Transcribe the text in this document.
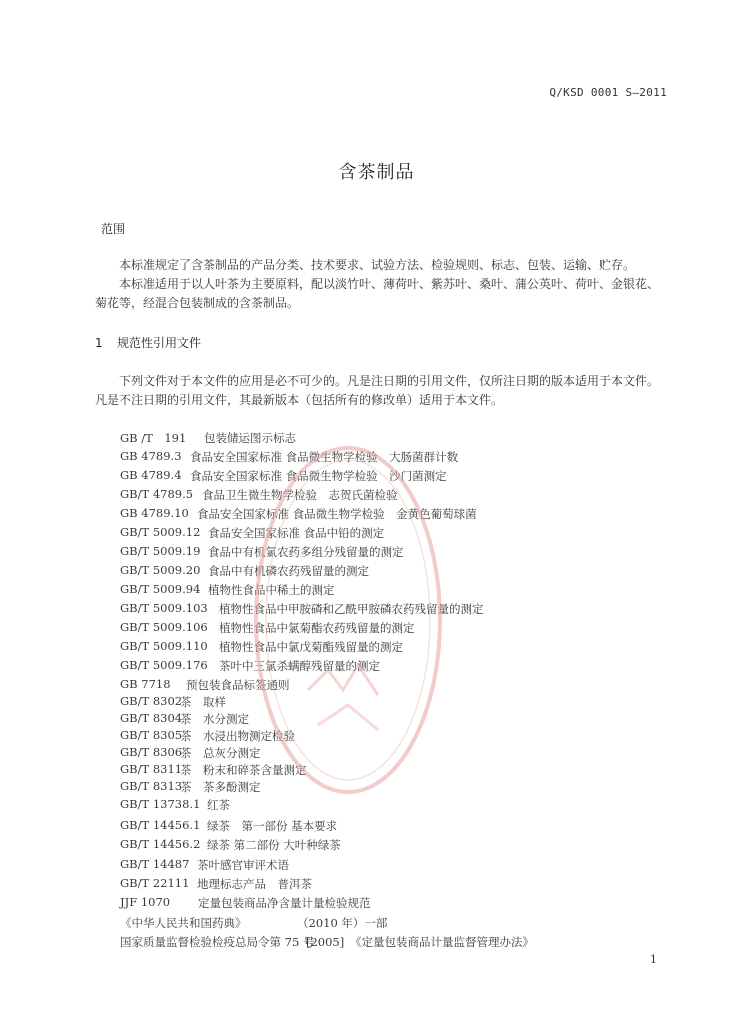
Q/KSD 0001 S—2011
含茶制品
范围

本标准规定了含茶制品的产品分类、技术要求、试验方法、检验规则、标志、包装、运输、贮存。

本标准适用于以人叶茶为主要原料，配以淡竹叶、薄荷叶、紫苏叶、桑叶、蒲公英叶、荷叶、金银花、菊花等，经混合包装制成的含茶制品。

1 规范性引用文件

下列文件对于本文件的应用是必不可少的。凡是注日期的引用文件，仅所注日期的版本适用于本文件。凡是不注日期的引用文件，其最新版本（包括所有的修改单）适用于本文件。

GB /T　191 包装储运图示标志
GB 4789.3 食品安全国家标准 食品微生物学检验　大肠菌群计数
GB 4789.4 食品安全国家标准 食品微生物学检验　沙门菌测定
GB/T 4789.5 食品卫生微生物学检验　志贺氏菌检验
GB 4789.10 食品安全国家标准 食品微生物学检验　金黄色葡萄球菌
GB/T 5009.12 食品安全国家标准 食品中铅的测定
GB/T 5009.19 食品中有机氯农药多组分残留量的测定
GB/T 5009.20 食品中有机磷农药残留量的测定
GB/T 5009.94 植物性食品中稀土的测定
GB/T 5009.103 植物性食品中甲胺磷和乙酰甲胺磷农药残留量的测定
GB/T 5009.106 植物性食品中氯菊酯农药残留量的测定
GB/T 5009.110 植物性食品中氯戊菊酯残留量的测定
GB/T 5009.176 茶叶中三氯杀螨醇残留量的测定
GB 7718 预包装食品标签通则
GB/T 8302
茶　取样
GB/T 8304
茶　水分测定
GB/T 8305
茶　水浸出物测定检验
GB/T 8306
茶　总灰分测定
GB/T 8311
茶　粉末和碎茶含量测定
GB/T 8313
茶　茶多酚测定
GB/T 13738.1 红茶
GB/T 14456.1 绿茶　第一部份 基本要求
GB/T 14456.2 绿茶 第二部份 大叶种绿茶
GB/T 14487 茶叶感官审评术语
GB/T 22111 地理标志产品　普洱茶
JJF 1070 定量包装商品净含量计量检验规范
《中华人民共和国药典》	（2010 年）一部
国家质量监督检验检疫总局令第 75 号
[2005]　《定量包装商品计量监督管理办法》
1
